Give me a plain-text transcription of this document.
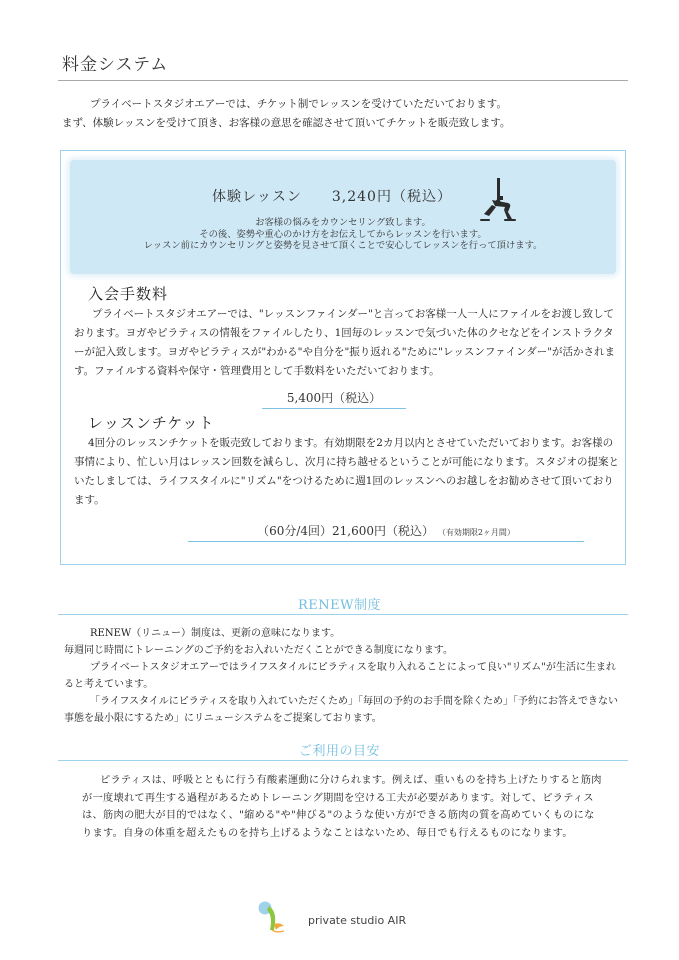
料金システム

プライベートスタジオエアーでは、チケット制でレッスンを受けていただいております。

まず、体験レッスンを受けて頂き、お客様の意思を確認させて頂いてチケットを販売致します。

体験レッスン　　3,240円（税込）

お客様の悩みをカウンセリング致します。

その後、姿勢や重心のかけ方をお伝えしてからレッスンを行います。

レッスン前にカウンセリングと姿勢を見させて頂くことで安心してレッスンを行って頂けます。

入会手数料

プライベートスタジオエアーでは、"レッスンファインダー"と言ってお客様一人一人にファイルをお渡し致しております。ヨガやピラティスの情報をファイルしたり、1回毎のレッスンで気づいた体のクセなどをインストラクターが記入致します。ヨガやピラティスが"わかる"や自分を"振り返れる"ために"レッスンファインダー"が活かされます。ファイルする資料や保守・管理費用として手数料をいただいております。

5,400円（税込）
レッスンチケット

4回分のレッスンチケットを販売致しております。有効期限を2カ月以内とさせていただいております。お客様の事情により、忙しい月はレッスン回数を減らし、次月に持ち越せるということが可能になります。スタジオの提案といたしましては、ライフスタイルに"リズム"をつけるために週1回のレッスンへのお越しをお勧めさせて頂いております。

（60分/4回）21,600円（税込） （有効期限2ヶ月間）
RENEW制度

RENEW（リニュー）制度は、更新の意味になります。

毎週同じ時間にトレーニングのご予約をお入れいただくことができる制度になります。

プライベートスタジオエアーではライフスタイルにピラティスを取り入れることによって良い"リズム"が生活に生まれると考えています。

「ライフスタイルにピラティスを取り入れていただくため」「毎回の予約のお手間を除くため」「予約にお答えできない事態を最小限にするため」にリニューシステムをご提案しております。

ご利用の目安

ピラティスは、呼吸とともに行う有酸素運動に分けられます。例えば、重いものを持ち上げたりすると筋肉が一度壊れて再生する過程があるためトレーニング期間を空ける工夫が必要があります。対して、ピラティスは、筋肉の肥大が目的ではなく、"縮める"や"伸びる"のような使い方ができる筋肉の質を高めていくものになります。自身の体重を超えたものを持ち上げるようなことはないため、毎日でも行えるものになります。

private studio AIR
